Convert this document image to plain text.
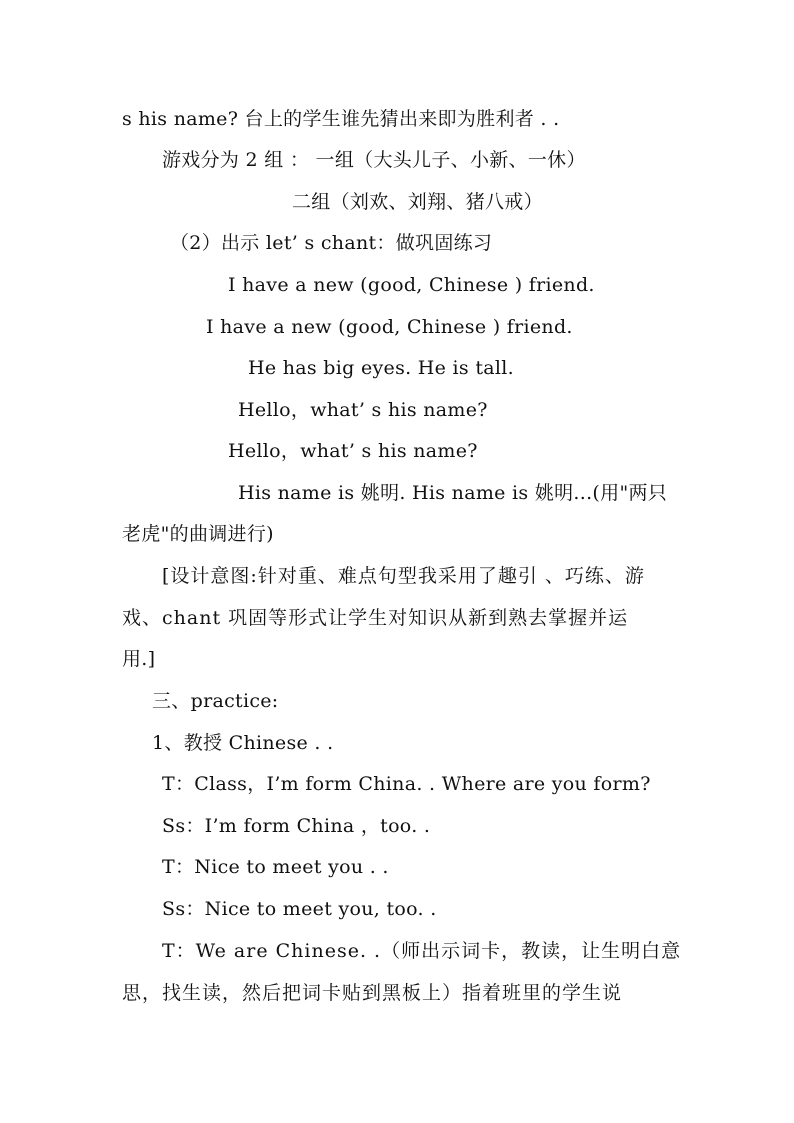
s his name? 台上的学生谁先猜出来即为胜利者 . .
游戏分为 2 组 ： 一组（大头儿子、小新、一休）
二组（刘欢、刘翔、猪八戒）
（2）出示 let’ s chant：做巩固练习
I have a new (good, Chinese ) friend.
I have a new (good, Chinese ) friend.
He has big eyes. He is tall.
Hello，what’ s his name?
Hello，what’ s his name?
His name is 姚明. His name is 姚明...(用"两只
老虎"的曲调进行)
[设计意图:针对重、难点句型我采用了趣引 、巧练、游
戏、chant 巩固等形式让学生对知识从新到熟去掌握并运
用.]
三、practice:
1、教授 Chinese . .
T：Class，I’m form China. . Where are you form?
Ss：I’m form China ，too. .
T：Nice to meet you . .
Ss：Nice to meet you, too. .
T：We are Chinese. .（师出示词卡，教读，让生明白意
思，找生读，然后把词卡贴到黑板上）指着班里的学生说
